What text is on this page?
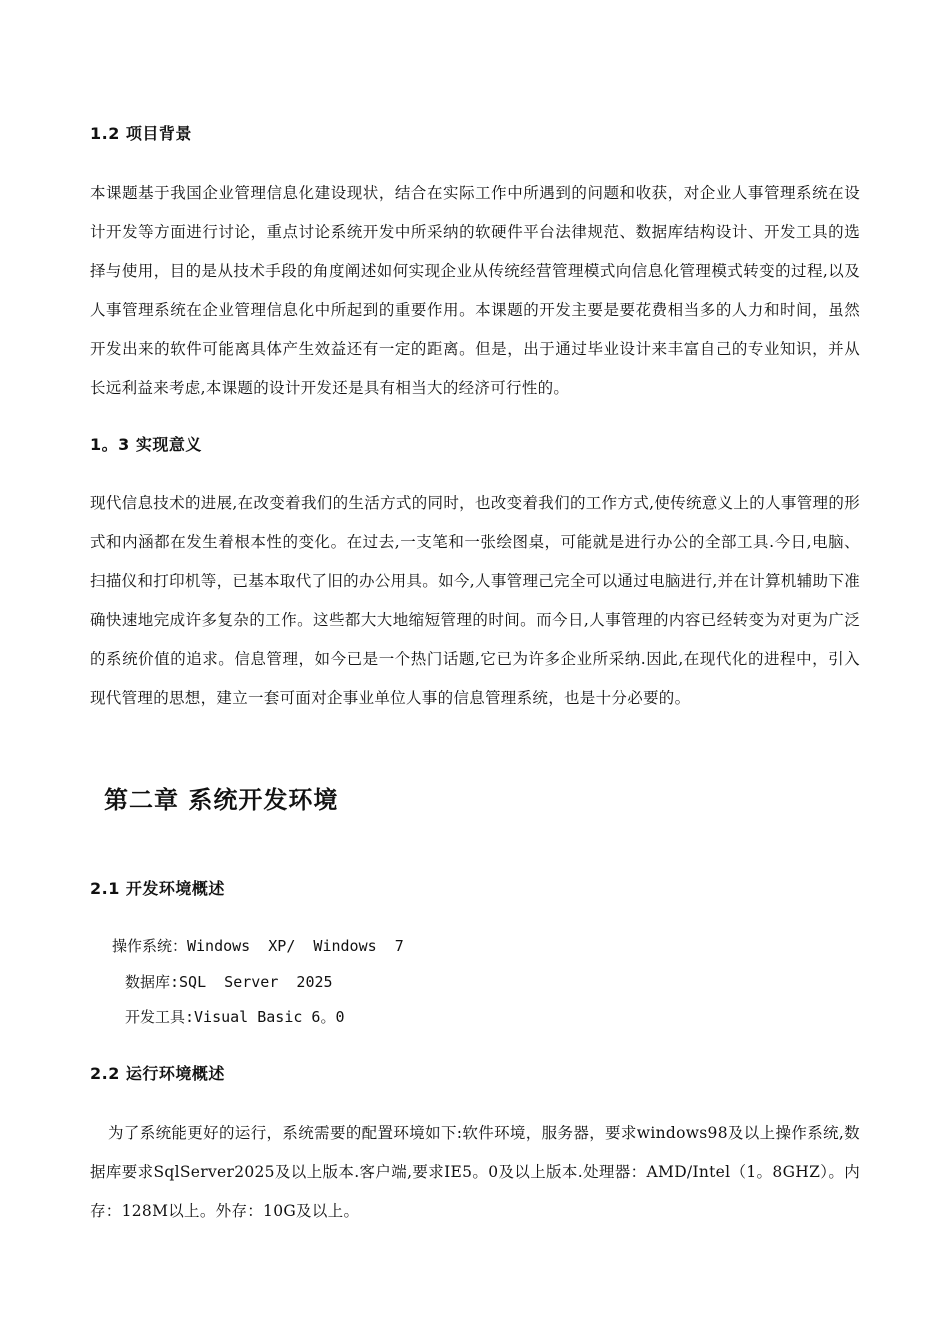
1.2 项目背景
本课题基于我国企业管理信息化建设现状，结合在实际工作中所遇到的问题和收获，对企业人事管理系统在设计开发等方面进行讨论，重点讨论系统开发中所采纳的软硬件平台法律规范、数据库结构设计、开发工具的选择与使用，目的是从技术手段的角度阐述如何实现企业从传统经营管理模式向信息化管理模式转变的过程,以及人事管理系统在企业管理信息化中所起到的重要作用。本课题的开发主要是要花费相当多的人力和时间，虽然开发出来的软件可能离具体产生效益还有一定的距离。但是，出于通过毕业设计来丰富自己的专业知识，并从长远利益来考虑,本课题的设计开发还是具有相当大的经济可行性的。
1。3 实现意义
现代信息技术的进展,在改变着我们的生活方式的同时，也改变着我们的工作方式,使传统意义上的人事管理的形式和内涵都在发生着根本性的变化。在过去,一支笔和一张绘图桌，可能就是进行办公的全部工具.今日,电脑、扫描仪和打印机等，已基本取代了旧的办公用具。如今,人事管理己完全可以通过电脑进行,并在计算机辅助下准确快速地完成许多复杂的工作。这些都大大地缩短管理的时间。而今日,人事管理的内容已经转变为对更为广泛的系统价值的追求。信息管理，如今已是一个热门话题,它已为许多企业所采纳.因此,在现代化的进程中，引入现代管理的思想，建立一套可面对企事业单位人事的信息管理系统，也是十分必要的。
第二章 系统开发环境
2.1 开发环境概述
操作系统：Windows  XP/  Windows  7
数据库:SQL  Server  2025
开发工具:Visual Basic 6。0
2.2 运行环境概述
为了系统能更好的运行，系统需要的配置环境如下:软件环境，服务器，要求windows98及以上操作系统,数据库要求SqlServer2025及以上版本.客户端,要求IE5。0及以上版本.处理器：AMD/Intel（1。8GHZ）。内存：128M以上。外存：10G及以上。
